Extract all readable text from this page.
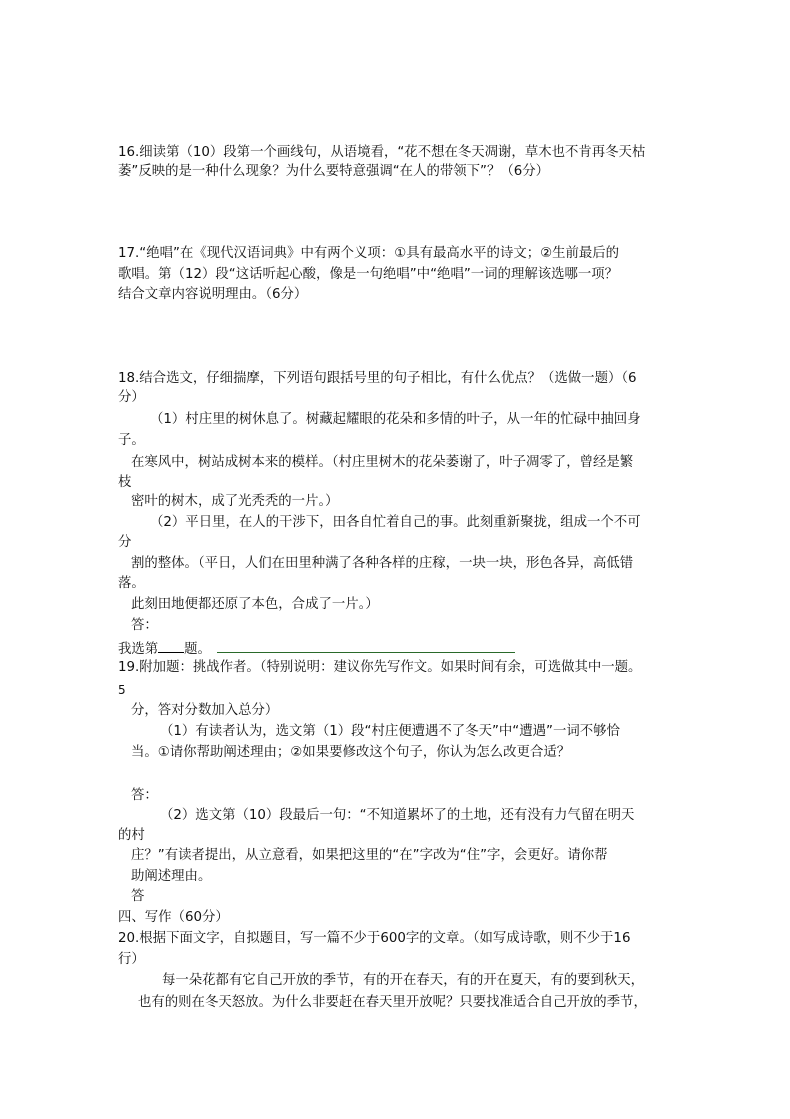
16.细读第（10）段第一个画线句，从语境看，“花不想在冬天凋谢，草木也不肯再冬天枯
萎”反映的是一种什么现象？为什么要特意强调“在人的带领下”？（6分）
17.“绝唱”在《现代汉语词典》中有两个义项：①具有最高水平的诗文；②生前最后的
歌唱。第（12）段“这话听起心酸，像是一句绝唱”中“绝唱”一词的理解该选哪一项？
结合文章内容说明理由。（6分）
18.结合选文，仔细揣摩，下列语句跟括号里的句子相比，有什么优点？（选做一题）（6
分）
（1）村庄里的树休息了。树藏起耀眼的花朵和多情的叶子，从一年的忙碌中抽回身
子。
在寒风中，树站成树本来的模样。（村庄里树木的花朵萎谢了，叶子凋零了，曾经是繁
枝
密叶的树木，成了光秃秃的一片。）
（2）平日里，在人的干涉下，田各自忙着自己的事。此刻重新聚拢，组成一个不可
分
割的整体。（平日，人们在田里种满了各种各样的庄稼，一块一块，形色各异，高低错
落。
此刻田地便都还原了本色，合成了一片。）
答：
我选第 题。
19.附加题：挑战作者。（特别说明：建议你先写作文。如果时间有余，可选做其中一题。
5
分，答对分数加入总分）
（1）有读者认为，选文第（1）段“村庄便遭遇不了冬天”中“遭遇”一词不够恰
当。①请你帮助阐述理由；②如果要修改这个句子，你认为怎么改更合适？
答：
（2）选文第（10）段最后一句：“不知道累坏了的土地，还有没有力气留在明天
的村
庄？”有读者提出，从立意看，如果把这里的“在”字改为“住”字，会更好。请你帮
助阐述理由。
答
四、写作（60分）
20.根据下面文字，自拟题目，写一篇不少于600字的文章。（如写成诗歌，则不少于16
行）
每一朵花都有它自己开放的季节，有的开在春天，有的开在夏天，有的要到秋天，
也有的则在冬天怒放。为什么非要赶在春天里开放呢？只要找准适合自己开放的季节，
